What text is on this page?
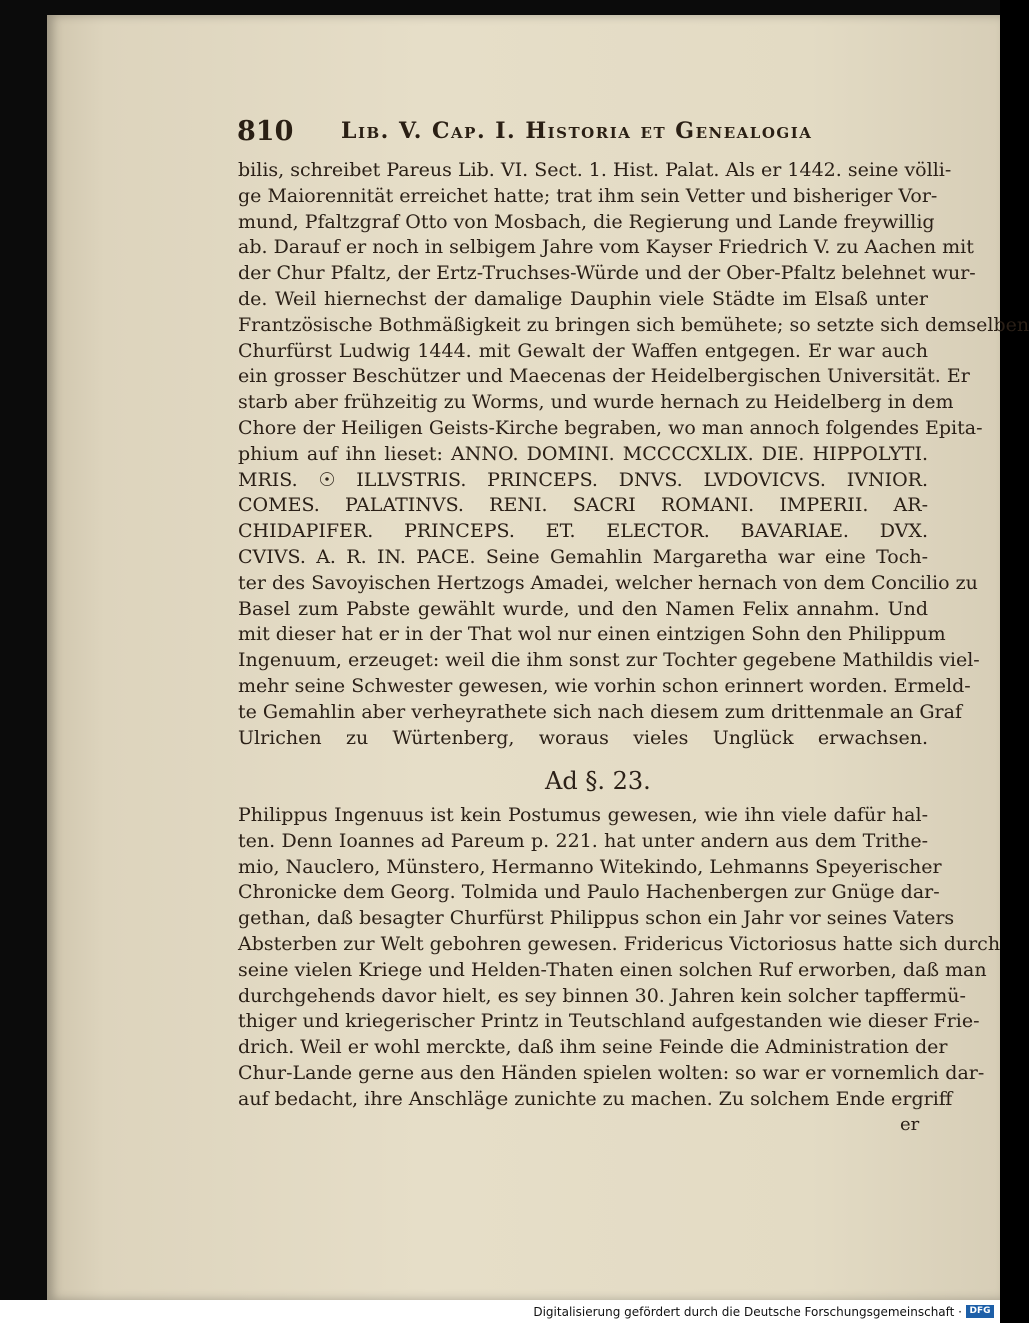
810 Lib. V. Cap. I. Historia et Genealogia
bilis, schreibet Pareus Lib. VI. Sect. 1. Hist. Palat. Als er 1442. seine völli-
ge Maiorennität erreichet hatte; trat ihm sein Vetter und bisheriger Vor-
mund, Pfaltzgraf Otto von Mosbach, die Regierung und Lande freywillig
ab. Darauf er noch in selbigem Jahre vom Kayser Friedrich V. zu Aachen mit
der Chur Pfaltz, der Ertz-Truchses-Würde und der Ober-Pfaltz belehnet wur-
de. Weil hiernechst der damalige Dauphin viele Städte im Elsaß unter
Frantzösische Bothmäßigkeit zu bringen sich bemühete; so setzte sich demselben
Churfürst Ludwig 1444. mit Gewalt der Waffen entgegen. Er war auch
ein grosser Beschützer und Maecenas der Heidelbergischen Universität. Er
starb aber frühzeitig zu Worms, und wurde hernach zu Heidelberg in dem
Chore der Heiligen Geists-Kirche begraben, wo man annoch folgendes Epita-
phium auf ihn lieset: ANNO. DOMINI. MCCCCXLIX. DIE. HIPPOLYTI.
MRIS. ☉ ILLVSTRIS. PRINCEPS. DNVS. LVDOVICVS. IVNIOR.
COMES. PALATINVS. RENI. SACRI ROMANI. IMPERII. AR-
CHIDAPIFER. PRINCEPS. ET. ELECTOR. BAVARIAE. DVX.
CVIVS. A. R. IN. PACE. Seine Gemahlin Margaretha war eine Toch-
ter des Savoyischen Hertzogs Amadei, welcher hernach von dem Concilio zu
Basel zum Pabste gewählt wurde, und den Namen Felix annahm. Und
mit dieser hat er in der That wol nur einen eintzigen Sohn den Philippum
Ingenuum, erzeuget: weil die ihm sonst zur Tochter gegebene Mathildis viel-
mehr seine Schwester gewesen, wie vorhin schon erinnert worden. Ermeld-
te Gemahlin aber verheyrathete sich nach diesem zum drittenmale an Graf
Ulrichen zu Würtenberg, woraus vieles Unglück erwachsen.
Ad §. 23.
Philippus Ingenuus ist kein Postumus gewesen, wie ihn viele dafür hal-
ten. Denn Ioannes ad Pareum p. 221. hat unter andern aus dem Trithe-
mio, Nauclero, Münstero, Hermanno Witekindo, Lehmanns Speyerischer
Chronicke dem Georg. Tolmida und Paulo Hachenbergen zur Gnüge dar-
gethan, daß besagter Churfürst Philippus schon ein Jahr vor seines Vaters
Absterben zur Welt gebohren gewesen. Fridericus Victoriosus hatte sich durch
seine vielen Kriege und Helden-Thaten einen solchen Ruf erworben, daß man
durchgehends davor hielt, es sey binnen 30. Jahren kein solcher tapffermü-
thiger und kriegerischer Printz in Teutschland aufgestanden wie dieser Frie-
drich. Weil er wohl merckte, daß ihm seine Feinde die Administration der
Chur-Lande gerne aus den Händen spielen wolten: so war er vornemlich dar-
auf bedacht, ihre Anschläge zunichte zu machen. Zu solchem Ende ergriff
er
Digitalisierung gefördert durch die Deutsche Forschungsgemeinschaft · DFG
